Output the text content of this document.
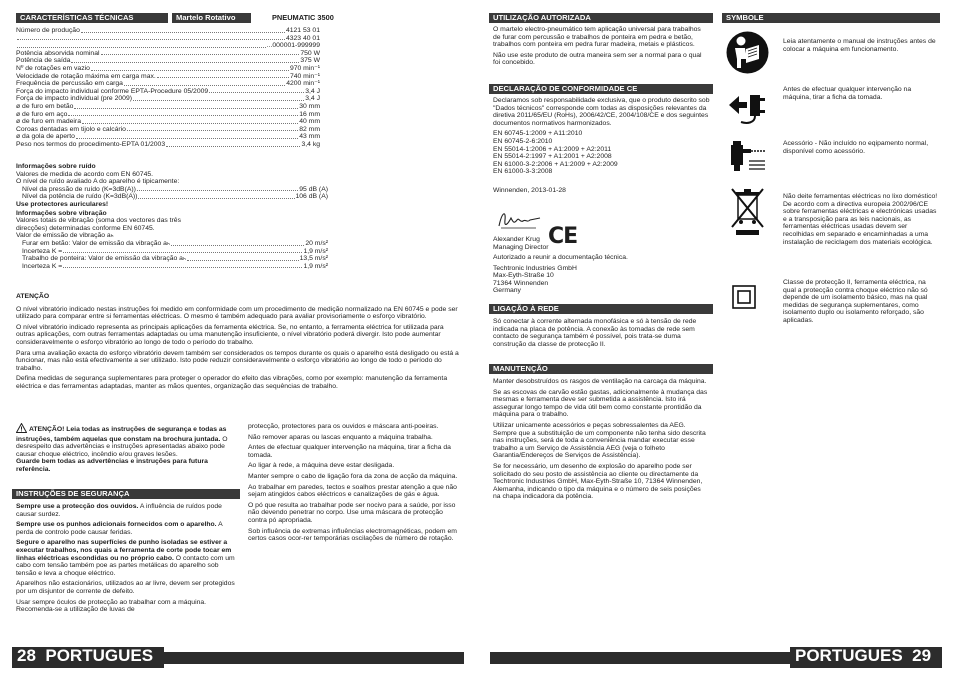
CARACTERÍSTICAS TÉCNICAS	Martelo Rotativo	PNEUMATIC 3500
Número de produção	4121 53 01
4323 40 01
...000001-999999
Potência absorvida nominal	750 W
Potência de saída	375 W
Nº de rotações em vazio	970 min⁻¹
Velocidade de rotação máxima em carga max.	740 min⁻¹
Frequência de percussão em carga	4200 min⁻¹
Força do impacto individual conforme EPTA-Procedure 05/2009	3,4 J
Força de impacto individual (pre 2009)	3,4 J
ø de furo em betão	30 mm
ø de furo em aço	16 mm
ø de furo em madeira	40 mm
Coroas dentadas em tijolo e calcário	82 mm
ø da gola de aperto	43 mm
Peso nos termos do procedimento-EPTA 01/2003	3,4 kg
Informações sobre ruído
Valores de medida de acordo com EN 60745.
O nível de ruído avaliado A do aparelho é tipicamente:
Nível da pressão de ruído (K=3dB(A))	95 dB (A)
Nível da potência de ruído (K=3dB(A))	106 dB (A)
Use protectores auriculares!
Informações sobre vibração
Valores totais de vibração (soma dos vectores das três
direcções) determinadas conforme EN 60745.
Valor de emissão de vibração aₕ
Furar em betão: Valor de emissão da vibração aₕ	20 m/s²
Incerteza K =	1,9 m/s²
Trabalho de ponteira: Valor de emissão da vibração aₕ	13,5 m/s²
Incerteza K =	1,9 m/s²
ATENÇÃO

O nível vibratório indicado nestas instruções foi medido em conformidade com um procedimento de medição normalizado na EN 60745 e pode ser utilizado para comparar entre si ferramentas eléctricas. O mesmo é também adequado para avaliar provisoriamente o esforço vibratório.

O nível vibratório indicado representa as principais aplicações da ferramenta eléctrica. Se, no entanto, a ferramenta eléctrica for utilizada para outras aplicações, com outras ferramentas adaptadas ou uma manutenção insuficiente, o nível vibratório poderá divergir. Isto pode aumentar consideravelmente o esforço vibratório ao longo de todo o período do trabalho.

Para uma avaliação exacta do esforço vibratório devem também ser considerados os tempos durante os quais o aparelho está desligado ou está a funcionar, mas não está efectivamente a ser utilizado. Isto pode reduzir consideravelmente o esforço vibratório ao longo de todo o período do trabalho.

Defina medidas de segurança suplementares para proteger o operador do efeito das vibrações, como por exemplo: manutenção da ferramenta eléctrica e das ferramentas adaptadas, manter as mãos quentes, organização das sequências de trabalho.

ATENÇÃO! Leia todas as instruções de segurança e todas as instruções, também aquelas que constam na brochura juntada. O desrespeito das advertências e instruções apresentadas abaixo pode causar choque eléctrico, incêndio e/ou graves lesões.
Guarde bem todas as advertências e instruções para futura referência.
INSTRUÇÕES DE SEGURANÇA

Sempre use a protecção dos ouvidos. A influência de ruídos pode causar surdez.

Sempre use os punhos adicionais fornecidos com o aparelho. A perda de controlo pode causar feridas.

Segure o aparelho nas superfícies de punho isoladas se estiver a executar trabalhos, nos quais a ferramenta de corte pode tocar em linhas eléctricas escondidas ou no próprio cabo. O contacto com um cabo com tensão também poe as partes metálicas do aparelho sob tensão e leva a choque eléctrico.

Aparelhos não estacionários, utilizados ao ar livre, devem ser protegidos por um disjuntor de corrente de defeito.

Usar sempre óculos de protecção ao trabalhar com a máquina. Recomenda-se a utilização de luvas de

protecção, protectores para os ouvidos e máscara anti-poeiras.

Não remover aparas ou lascas enquanto a máquina trabalha.

Antes de efectuar qualquer intervenção na máquina, tirar a ficha da tomada.

Ao ligar à rede, a máquina deve estar desligada.

Manter sempre o cabo de ligação fora da zona de acção da máquina.

Ao trabalhar em paredes, tectos e soalhos prestar atenção a que não sejam atingidos cabos eléctricos e canalizações de gás e água.

O pó que resulta ao trabalhar pode ser nocivo para a saúde, por isso não devendo penetrar no corpo. Use uma máscara de protecção contra pó apropriada.

Sob influência de extremas influências electromagnéticas, podem em certos casos ocor-rer temporárias oscilações de número de rotação.

UTILIZAÇÃO AUTORIZADA

O martelo electro-pneumático tem aplicação universal para trabalhos de furar com percussão e trabalhos de ponteira em pedra e betão, trabalhos com ponteira em pedra furar madeira, metais e plásticos.

Não use este produto de outra maneira sem ser a normal para o qual foi concebido.

DECLARAÇÃO DE CONFORMIDADE CE

Declaramos sob responsabilidade exclusiva, que o produto descrito sob "Dados técnicos" corresponde com todas as disposições relevantes da diretiva 2011/65/EU (RoHs), 2006/42/CE, 2004/108/CE e dos seguintes documentos normativos harmonizados.

EN 60745-1:2009 + A11:2010
EN 60745-2-6:2010
EN 55014-1:2006 + A1:2009 + A2:2011
EN 55014-2:1997 + A1:2001 + A2:2008
EN 61000-3-2:2006 + A1:2009 + A2:2009
EN 61000-3-3:2008
Winnenden, 2013-01-28
Alexander Krug
Managing Director CE
Autorizado a reunir a documentação técnica.
Techtronic Industries GmbH
Max-Eyth-Straße 10
71364 Winnenden
Germany
LIGAÇÃO À REDE

Só conectar à corrente alternada monofásica e só à tensão de rede indicada na placa de potência. A conexão às tomadas de rede sem contacto de segurança também é possível, pois trata-se duma construção da classe de protecção II.

MANUTENÇÃO

Manter desobstruídos os rasgos de ventilação na carcaça da máquina.

Se as escovas de carvão estão gastas, adicionalmente à mudança das mesmas e ferramenta deve ser submetida a assistência. Isto irá assegurar longo tempo de vida útil bem como constante prontidão da máquina para o trabalho.

Utilizar unicamente acessórios e peças sobressalentes da AEG. Sempre que a substituição de um componente não tenha sido descrita nas instruções, será de toda a conveniência mandar executar esse trabalho a um Serviço de Assistência AEG (veja o folheto Garantia/Endereços de Serviços de Assistência).

Se for necessário, um desenho de explosão do aparelho pode ser solicitado do seu posto de assistência ao cliente ou directamente da Techtronic Industries GmbH, Max-Eyth-Straße 10, 71364 Winnenden, Alemanha, indicando o tipo da máquina e o número de seis posições na chapa indicadora da potência.

SYMBOLE
Leia atentamente o manual de instruções antes de colocar a máquina em funcionamento.
Antes de efectuar qualquer intervenção na máquina, tirar a ficha da tomada.
Acessório - Não incluído no eqipamento normal, disponível como acessório.
Não deite ferramentas eléctricas no lixo doméstico! De acordo com a directiva europeia 2002/96/CE sobre ferramentas eléctricas e electrónicas usadas e a transposição para as leis nacionais, as ferramentas eléctricas usadas devem ser recolhidas em separado e encaminhadas a uma instalação de reciclagem dos materiais ecológica.
Classe de protecção II, ferramenta eléctrica, na qual a protecção contra choque eléctrico não só depende de um isolamento básico, mas na qual medidas de segurança suplementares, como isolamento duplo ou isolamento reforçado, são aplicadas.
28 PORTUGUES	PORTUGUES 29
